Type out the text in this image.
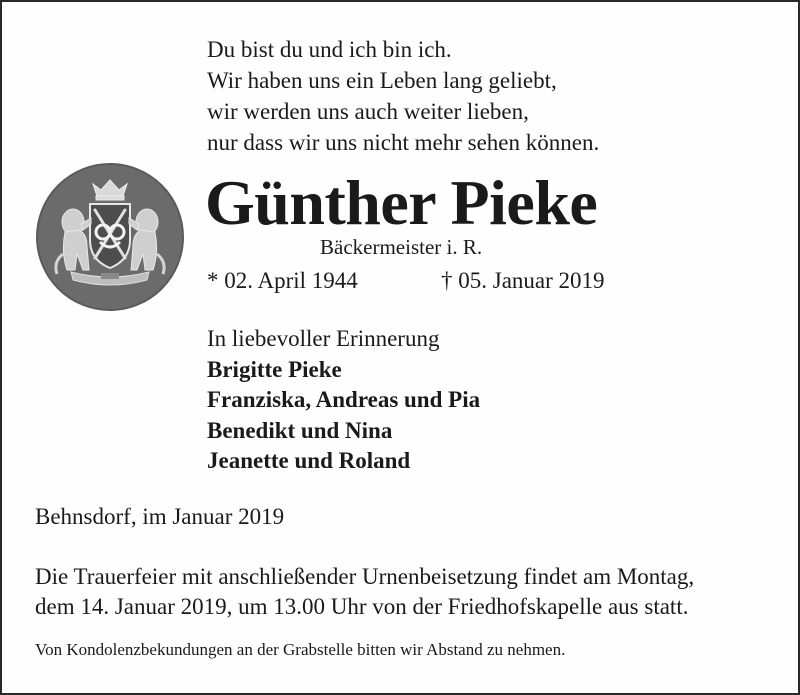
Du bist du und ich bin ich.
Wir haben uns ein Leben lang geliebt,
wir werden uns auch weiter lieben,
nur dass wir uns nicht mehr sehen können.
Günther Pieke
Bäckermeister i. R.
* 02. April 1944	† 05. Januar 2019
In liebevoller Erinnerung
Brigitte Pieke
Franziska, Andreas und Pia
Benedikt und Nina
Jeanette und Roland
Behnsdorf, im Januar 2019
Die Trauerfeier mit anschließender Urnenbeisetzung findet am Montag,
dem 14. Januar 2019, um 13.00 Uhr von der Friedhofskapelle aus statt.
Von Kondolenzbekundungen an der Grabstelle bitten wir Abstand zu nehmen.
